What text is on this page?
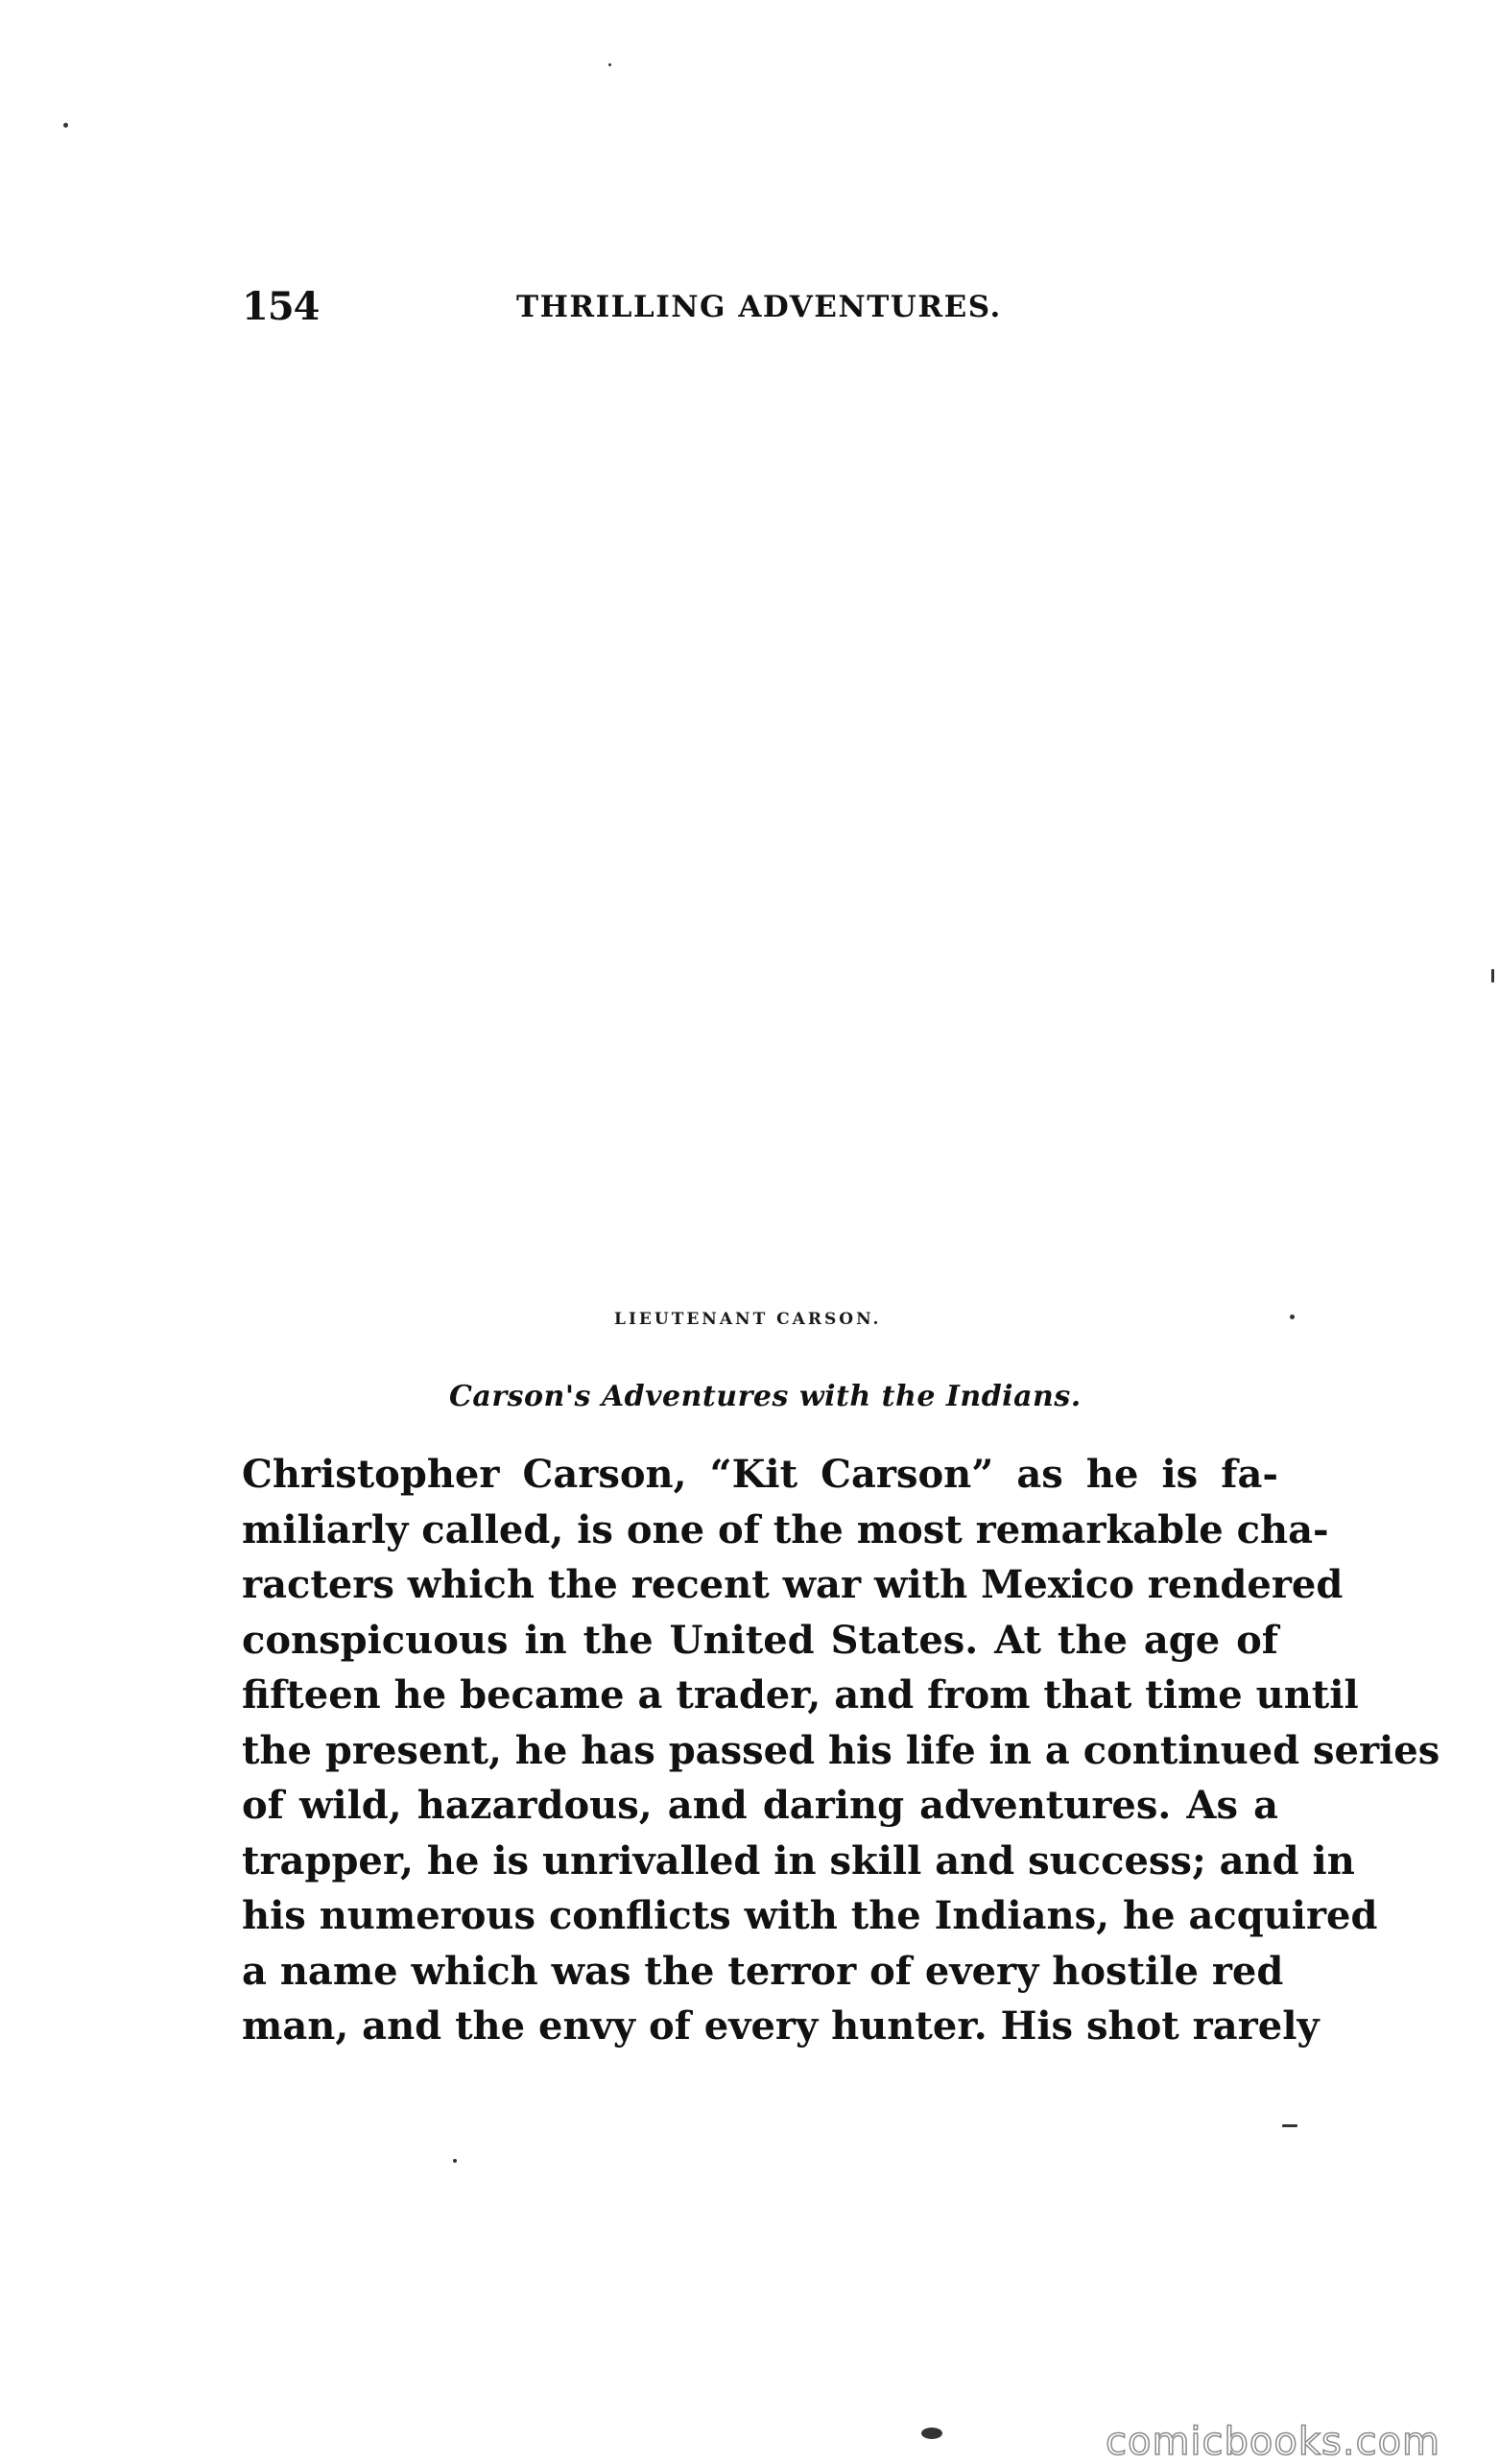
154	THRILLING ADVENTURES.
LIEUTENANT CARSON.
Carson's Adventures with the Indians.
Christopher Carson, “Kit Carson” as he is fa-
miliarly called, is one of the most remarkable cha-
racters which the recent war with Mexico rendered
conspicuous in the United States. At the age of
fifteen he became a trader, and from that time until
the present, he has passed his life in a continued series
of wild, hazardous, and daring adventures. As a
trapper, he is unrivalled in skill and success; and in
his numerous conflicts with the Indians, he acquired
a name which was the terror of every hostile red
man, and the envy of every hunter. His shot rarely
comicbooks.com
